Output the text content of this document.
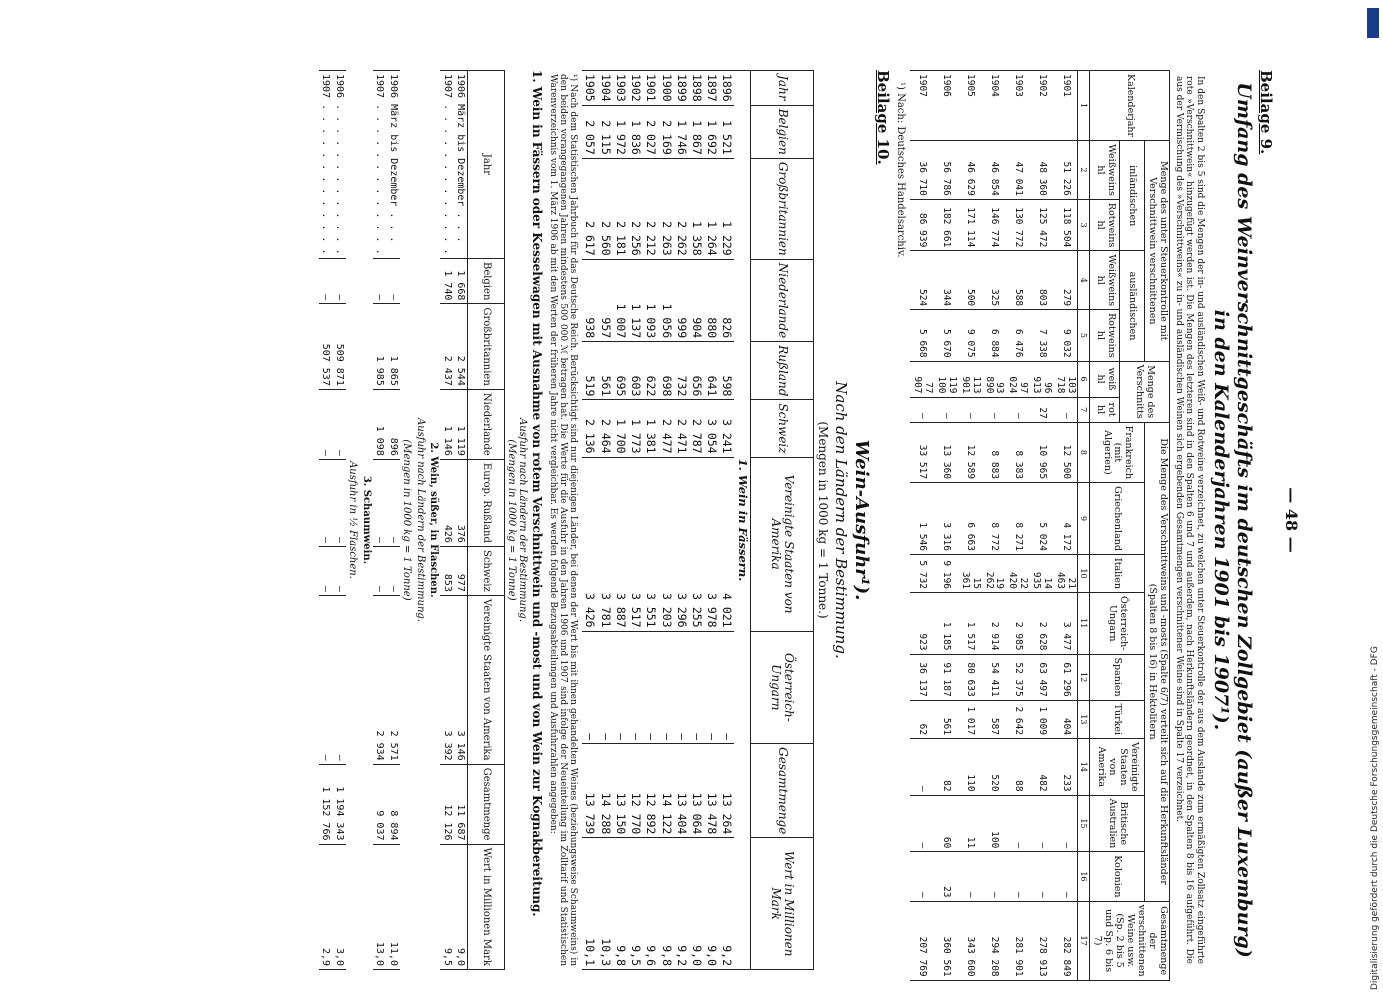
Digitalisierung gefördert durch die Deutsche Forschungsgemeinschaft - DFG
— 48 —
Beilage 9.
Umfang des Weinverschnittgeschäfts im deutschen Zollgebiet (außer Luxemburg)
in den Kalenderjahren 1901 bis 1907¹).
In den Spalten 2 bis 5 sind die Mengen der in- und ausländischen Weiß- und Rotweine verzeichnet, zu welchen unter Steuerkontrolle der aus dem Auslande zum ermäßigten Zollsatz eingeführte rote »Verschnittwein« hinzugefügt werden ist. Die Mengen des letzteren sind in den Spalten 6 und 7 und außerdem, nach Herkunftsländern geordnet, in den Spalten 8 bis 16 aufgeführt. Die aus der Vermischung des »Verschnittweins« zu in- und ausländischen Weinen sich ergebenden Gesamtmengen verschnittener Weine sind in Spalte 17 verzeichnet.
Kalenderjahr	Menge des unter Steuerkontrolle mit Verschnittwein verschnittenen				Menge des Verschnitts		Die Menge des Verschnittweins und -mosts (Spalte 6/7) verteilt sich auf die Herkunftsländer (Spalten 8 bis 16) in Hektolitern									Gesamtmenge der verschnittenen Weine usw. (Sp. 2 bis 5 und Sp. 6 bis 7)
	inländischen		ausländischen				Frankreich (mit Algerien)	Griechenland	Italien	Österreich-Ungarn	Spanien	Türkei	Vereinigte Staaten von Amerika	Britische Australien	Kolonien	
	Weißweins hl	Rotweins hl	Weißweins hl	Rotweins hl	weiß hl	rot hl										
1	2	3	4	5	6	7	8	9	10	11	12	13	14	15	16	17
1901	51 226	118 504	279	9 032	103 718	—	12 500	4 172	21 463	3 477	61 296	404	233	—	—	282 849
1902	48 360	125 472	803	7 338	96 913	27	10 965	5 024	14 935	2 628	63 497	1 009	482	—	—	278 913
1903	47 041	130 772	588	6 476	97 024	—	8 383	8 271	22 420	2 985	52 375	2 642	88	—	—	281 901
1904	46 854	146 774	325	6 884	93 890	—	8 883	8 772	19 262	2 914	54 411	587	520	100	—	294 208
1905	46 629	171 114	500	9 075	113 901	—	12 589	6 663	15 361	1 517	80 633	1 017	110	11	—	343 600
1906	56 786	182 661	344	5 670	119 100	—	13 360	3 316	9 196	1 185	91 187	561	82	60	23	360 561
1907	36 710	86 939	524	5 668	77 907	—	33 517	1 546	5 732	923	36 137	62	—	—	—	207 769
¹) Nach: Deutsches Handelsarchiv.
Beilage 10.
Wein-Ausfuhr¹).
Nach den Ländern der Bestimmung.
(Mengen in 1000 kg = 1 Tonne.)
Jahr	Belgien	Großbritannien	Niederlande	Rußland	Schweiz	Vereinigte Staaten von Amerika	Österreich-Ungarn	Gesamtmenge	Wert in Millionen Mark
1. Wein in Fässern.									
1896	1 521	1 229	826	598	3 241	4 021	—	13 264	9,2
1897	1 692	1 264	880	641	3 054	3 978	—	13 478	9,0
1898	1 867	1 358	904	656	2 787	3 255	—	13 064	9,0
1899	1 746	2 262	999	732	2 471	3 296	—	13 404	9,2
1900	2 169	2 263	1 056	698	2 477	3 203	—	14 122	9,8
1901	2 027	2 212	1 093	622	1 381	3 551	—	12 892	9,6
1902	1 836	2 256	1 137	603	1 773	3 517	—	12 770	9,5
1903	1 972	2 181	1 007	695	1 700	3 887	—	13 150	9,8
1904	2 115	2 560	957	561	2 464	3 781	—	14 288	10,3
1905	2 057	2 617	938	519	2 136	3 426	—	13 739	10,1
¹) Nach dem Statistischen Jahrbuch für das Deutsche Reich. Berücksichtigt sind nur diejenigen Länder, bei denen der Wert bis mit ihnen gehandelten Weines (beziehungsweise Schaumweins) in den beiden vorangegangenen Jahren mindestens 500 000 ℳ betragen hat. Die Werte für die Ausfuhr in den Jahren 1906 und 1907 sind infolge der Neueinteilung im Zolltarif und Statistischen Warenverzeichnis vom 1. März 1906 ab mit den Werten der früheren Jahre nicht vergleichbar. Es werden folgende Bezugsabteilungen und Ausfuhrzahlen angegeben:
1. Wein in Fässern oder Kesselwagen mit Ausnahme von rotem Verschnittwein und -most und von Wein zur Kognakbereitung.
Ausfuhr nach Ländern der Bestimmung.
(Mengen in 1000 kg = 1 Tonne)
Jahr	Belgien	Großbritannien	Niederlande	Europ. Rußland	Schweiz	Vereinigte Staaten von Amerika	Gesamtmenge	Wert in Millionen Mark
1906 März bis Dezember . . .	1 668	2 544	1 119	376	977	3 146	11 687	9,0
1907 . . . . . . . . . . . . .	1 740	2 437	1 146	426	853	3 392	12 126	9,5
2. Wein, süßer, in Flaschen.								
Ausfuhr nach Ländern der Bestimmung.								
(Mengen in 1000 kg = 1 Tonne)								
1906 März bis Dezember . . .	—	1 865	896	—	—	2 571	8 894	11,0
1907 . . . . . . . . . . . . .	—	1 985	1 098	—	—	2 934	9 037	13,0
3. Schaumwein.								
Ausfuhr in ½ Flaschen.								
1906 . . . . . . . . . . . . .	—	509 871	—	—	—	—	1 194 343	3,0
1907 . . . . . . . . . . . . .	—	507 537	—	—	—	—	1 152 766	2,9
